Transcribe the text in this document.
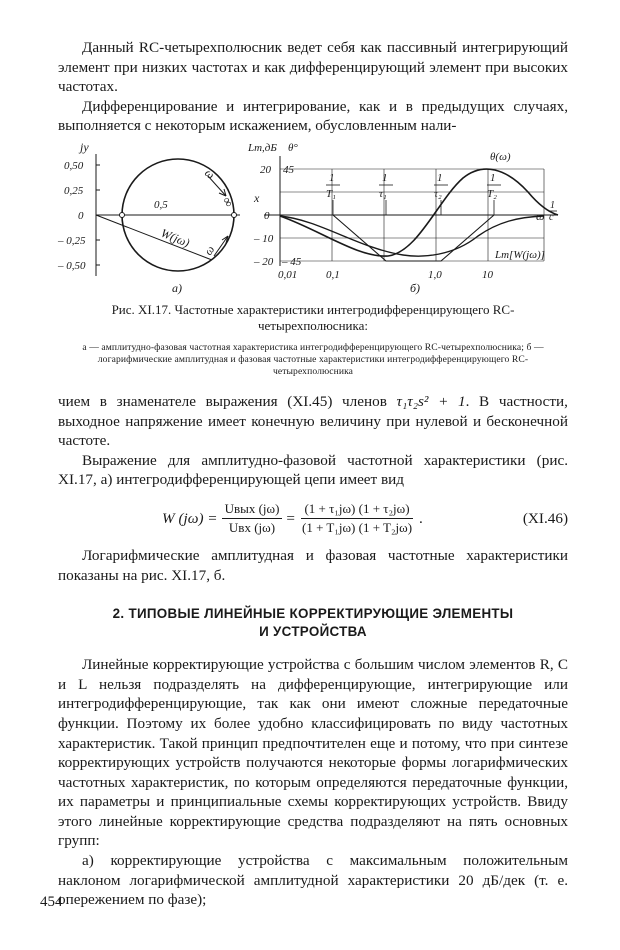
Данный RC-четырехполюсник ведет себя как пассивный интегрирующий элемент при низких частотах и как дифференцирующий элемент при высоких частотах.

Дифференцирование и интегрирование, как и в предыдущих случаях, выполняется с некоторым искажением, обусловленным нали-

jy
0,50
0,25
0
– 0,25
– 0,50
ω
∞
ω
0,5
W(jω)
а)
Lm,дБ θ°
20 45
0
– 10
– 20 – 45
x
0,01	0,1	1,0	10
ω
1
c
1
T₁
1
τ₁
1
τ₂
1
T₂
θ(ω)
Lm[W(jω)]
б)
Рис. XI.17. Частотные характеристики интегродифференцирующего RC-четырехполюсника:
а — амплитудно-фазовая частотная характеристика интегродифференцирующего RC-четырехполюсника; б — логарифмические амплитудная и фазовая частотные характеристики интегродифференцирующего RC-четырехполюсника

чием в знаменателе выражения (XI.45) членов τ₁τ₂s² + 1. В частности, выходное напряжение имеет конечную величину при нулевой и бесконечной частоте.

Выражение для амплитудно-фазовой частотной характеристики (рис. XI.17, а) интегродифференцирующей цепи имеет вид

W $(j\omega) = \frac{\text{Uвых (jω)}}{\text{Uвх (jω)}} = \frac{\text{(1 + τ₁jω) (1 + τ₂jω)}}{\text{(1 + T₁jω) (1 + T₂jω)}}$ .	(XI.46)

Логарифмические амплитудная и фазовая частотные характеристики показаны на рис. XI.17, б.

2. ТИПОВЫЕ ЛИНЕЙНЫЕ КОРРЕКТИРУЮЩИЕ ЭЛЕМЕНТЫ
И УСТРОЙСТВА

Линейные корректирующие устройства с большим числом элементов R, C и L нельзя подразделять на дифференцирующие, интегрирующие или интегродифференцирующие, так как они имеют сложные передаточные функции. Поэтому их более удобно классифицировать по виду частотных характеристик. Такой принцип предпочтителен еще и потому, что при синтезе корректирующих устройств получаются некоторые формы логарифмических частотных характеристик, по которым определяются передаточные функции, их параметры и принципиальные схемы корректирующих устройств. Ввиду этого линейные корректирующие средства подразделяют на пять основных групп:

а) корректирующие устройства с максимальным положительным наклоном логарифмической амплитудной характеристики 20 дБ/дек (т. е. опережением по фазе);

454
